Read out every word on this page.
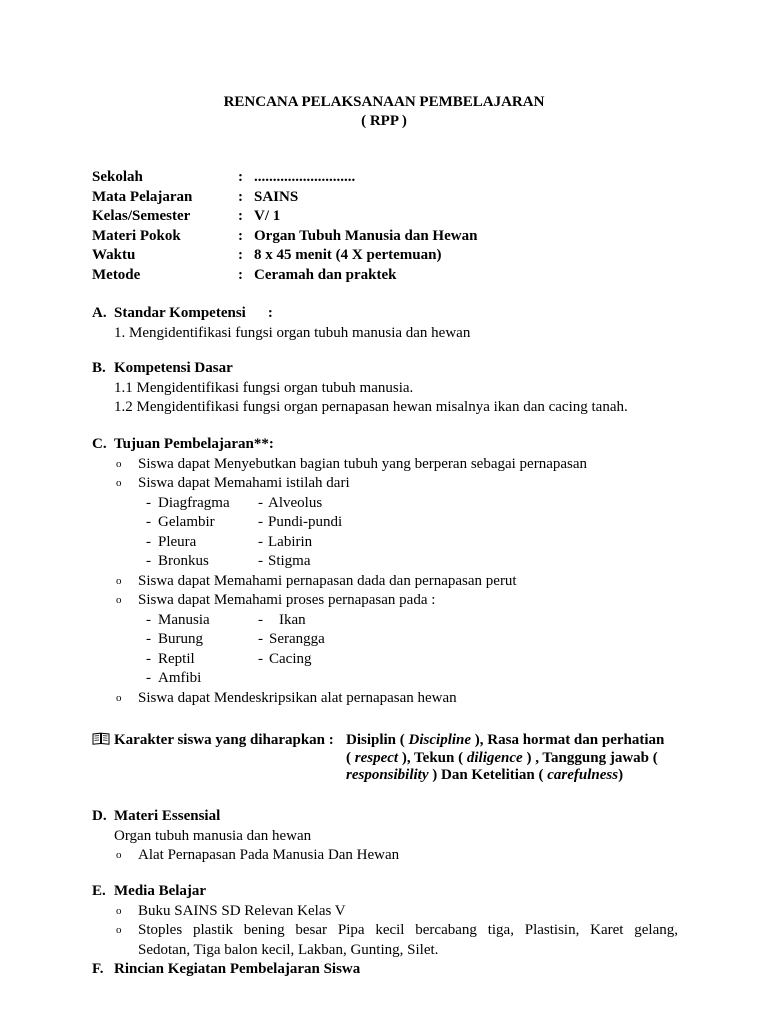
RENCANA PELAKSANAAN PEMBELAJARAN
( RPP )
Sekolah	: ...........................
Mata Pelajaran	: SAINS
Kelas/Semester	: V/ 1
Materi Pokok	: Organ Tubuh Manusia dan Hewan
Waktu	: 8 x 45 menit (4 X pertemuan)
Metode	: Ceramah dan praktek
A. Standar Kompetensi :
1. Mengidentifikasi fungsi organ tubuh manusia dan hewan
B. Kompetensi Dasar
1.1 Mengidentifikasi fungsi organ tubuh manusia.
1.2 Mengidentifikasi fungsi organ pernapasan hewan misalnya ikan dan cacing tanah.
C. Tujuan Pembelajaran**:
o Siswa dapat Menyebutkan bagian tubuh yang berperan sebagai pernapasan
o Siswa dapat Memahami istilah dari
- Diagfragma - Alveolus
- Gelambir	- Pundi-pundi
- Pleura	- Labirin
- Bronkus	- Stigma
o Siswa dapat Memahami pernapasan dada dan pernapasan perut
o Siswa dapat Memahami proses pernapasan pada :
- Manusia	- Ikan
- Burung	- Serangga
- Reptil	- Cacing
- Amfibi
o Siswa dapat Mendeskripsikan alat pernapasan hewan
Karakter siswa yang diharapkan : Disiplin ( Discipline ), Rasa hormat dan perhatian
( respect ), Tekun ( diligence ) , Tanggung jawab (
responsibility ) Dan Ketelitian ( carefulness)
D. Materi Essensial
Organ tubuh manusia dan hewan
o Alat Pernapasan Pada Manusia Dan Hewan
E. Media Belajar
o Buku SAINS SD Relevan Kelas V
o Stoples plastik bening besar Pipa kecil bercabang tiga, Plastisin, Karet gelang,
Sedotan, Tiga balon kecil, Lakban, Gunting, Silet.
F. Rincian Kegiatan Pembelajaran Siswa
